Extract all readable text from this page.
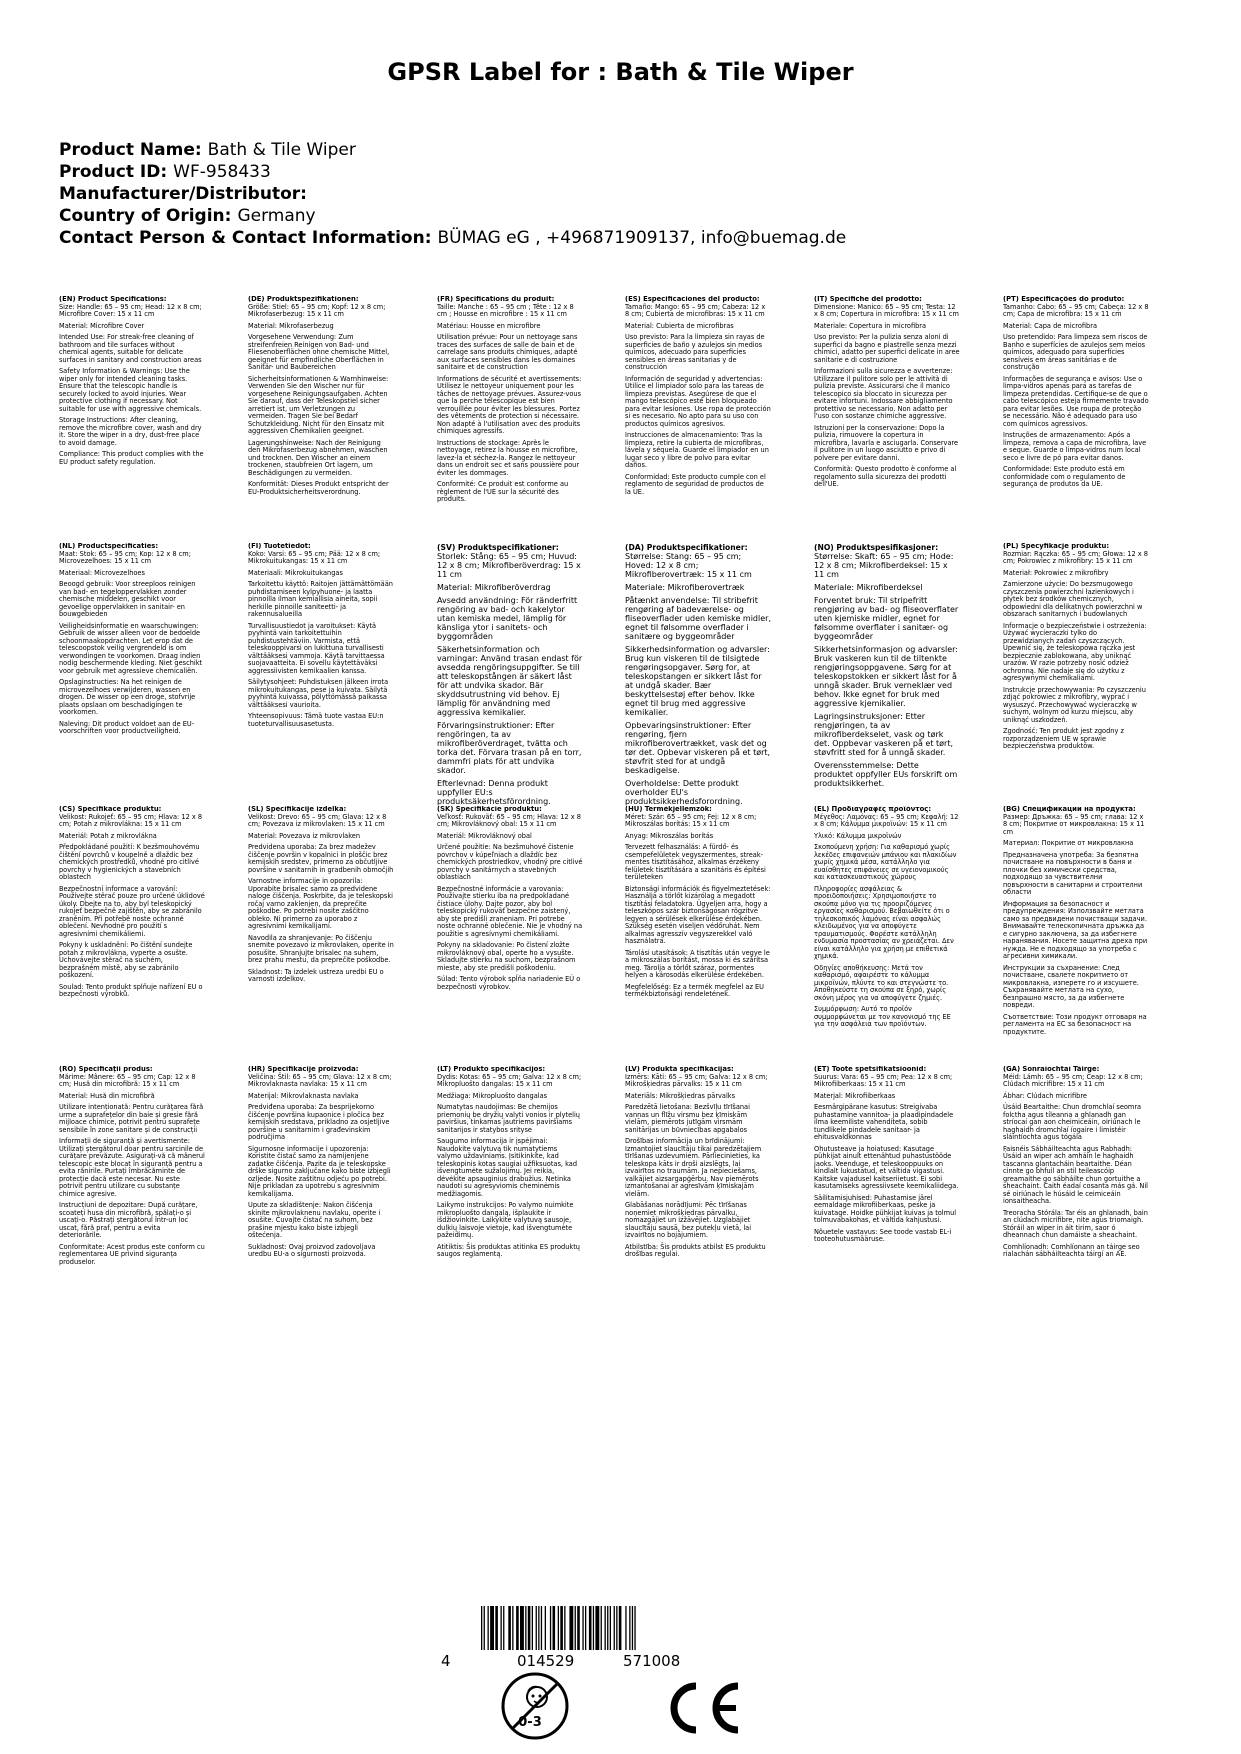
GPSR Label for : Bath & Tile Wiper
Product Name: Bath & Tile Wiper
Product ID: WF-958433
Manufacturer/Distributor:
Country of Origin: Germany
Contact Person & Contact Information: BÜMAG eG , +496871909137, info@buemag.de
(EN) Product Specifications:

Size: Handle: 65 – 95 cm; Head: 12 x 8 cm; Microfibre Cover: 15 x 11 cm

Material: Microfibre Cover

Intended Use: For streak-free cleaning of bathroom and tile surfaces without chemical agents, suitable for delicate surfaces in sanitary and construction areas

Safety Information & Warnings: Use the wiper only for intended cleaning tasks. Ensure that the telescopic handle is securely locked to avoid injuries. Wear protective clothing if necessary. Not suitable for use with aggressive chemicals.

Storage Instructions: After cleaning, remove the microfibre cover, wash and dry it. Store the wiper in a dry, dust-free place to avoid damage.

Compliance: This product complies with the EU product safety regulation.

(DE) Produktspezifikationen:

Größe: Stiel: 65 – 95 cm; Kopf: 12 x 8 cm; Mikrofaserbezug: 15 x 11 cm

Material: Mikrofaserbezug

Vorgesehene Verwendung: Zum streifenfreien Reinigen von Bad- und Fliesenoberflächen ohne chemische Mittel, geeignet für empfindliche Oberflächen in Sanitär- und Baubereichen

Sicherheitsinformationen & Warnhinweise: Verwenden Sie den Wischer nur für vorgesehene Reinigungsaufgaben. Achten Sie darauf, dass der Teleskopstiel sicher arretiert ist, um Verletzungen zu vermeiden. Tragen Sie bei Bedarf Schutzkleidung. Nicht für den Einsatz mit aggressiven Chemikalien geeignet.

Lagerungshinweise: Nach der Reinigung den Mikrofaserbezug abnehmen, waschen und trocknen. Den Wischer an einem trockenen, staubfreien Ort lagern, um Beschädigungen zu vermeiden.

Konformität: Dieses Produkt entspricht der EU-Produktsicherheitsverordnung.

(FR) Spécifications du produit:

Taille: Manche : 65 – 95 cm ; Tête : 12 x 8 cm ; Housse en microfibre : 15 x 11 cm

Matériau: Housse en microfibre

Utilisation prévue: Pour un nettoyage sans traces des surfaces de salle de bain et de carrelage sans produits chimiques, adapté aux surfaces sensibles dans les domaines sanitaire et de construction

Informations de sécurité et avertissements: Utilisez le nettoyeur uniquement pour les tâches de nettoyage prévues. Assurez-vous que la perche télescopique est bien verrouillée pour éviter les blessures. Portez des vêtements de protection si nécessaire. Non adapté à l'utilisation avec des produits chimiques agressifs.

Instructions de stockage: Après le nettoyage, retirez la housse en microfibre, lavez-la et séchez-la. Rangez le nettoyeur dans un endroit sec et sans poussière pour éviter les dommages.

Conformité: Ce produit est conforme au règlement de l'UE sur la sécurité des produits.

(ES) Especificaciones del producto:

Tamaño: Mango: 65 – 95 cm; Cabeza: 12 x 8 cm; Cubierta de microfibras: 15 x 11 cm

Material: Cubierta de microfibras

Uso previsto: Para la limpieza sin rayas de superficies de baño y azulejos sin medios químicos, adecuado para superficies sensibles en áreas sanitarias y de construcción

Información de seguridad y advertencias: Utilice el limpiador solo para las tareas de limpieza previstas. Asegúrese de que el mango telescópico esté bien bloqueado para evitar lesiones. Use ropa de protección si es necesario. No apto para su uso con productos químicos agresivos.

Instrucciones de almacenamiento: Tras la limpieza, retire la cubierta de microfibras, lávela y séquela. Guarde el limpiador en un lugar seco y libre de polvo para evitar daños.

Conformidad: Este producto cumple con el reglamento de seguridad de productos de la UE.

(IT) Specifiche del prodotto:

Dimensione: Manico: 65 – 95 cm; Testa: 12 x 8 cm; Copertura in microfibra: 15 x 11 cm

Materiale: Copertura in microfibra

Uso previsto: Per la pulizia senza aloni di superfici da bagno e piastrelle senza mezzi chimici, adatto per superfici delicate in aree sanitarie e di costruzione

Informazioni sulla sicurezza e avvertenze: Utilizzare il pulitore solo per le attività di pulizia previste. Assicurarsi che il manico telescopico sia bloccato in sicurezza per evitare infortuni. Indossare abbigliamento protettivo se necessario. Non adatto per l'uso con sostanze chimiche aggressive.

Istruzioni per la conservazione: Dopo la pulizia, rimuovere la copertura in microfibra, lavarla e asciugarla. Conservare il pulitore in un luogo asciutto e privo di polvere per evitare danni.

Conformità: Questo prodotto è conforme al regolamento sulla sicurezza dei prodotti dell'UE.

(PT) Especificações do produto:

Tamanho: Cabo: 65 – 95 cm; Cabeça: 12 x 8 cm; Capa de microfibra: 15 x 11 cm

Material: Capa de microfibra

Uso pretendido: Para limpeza sem riscos de Banho e superfícies de azulejos sem meios químicos, adequado para superfícies sensíveis em áreas sanitárias e de construção

Informações de segurança e avisos: Use o limpa-vidros apenas para as tarefas de limpeza pretendidas. Certifique-se de que o cabo telescópico esteja firmemente travado para evitar lesões. Use roupa de proteção se necessário. Não é adequado para uso com químicos agressivos.

Instruções de armazenamento: Após a limpeza, remova a capa de microfibra, lave e seque. Guarde o limpa-vidros num local seco e livre de pó para evitar danos.

Conformidade: Este produto está em conformidade com o regulamento de segurança de produtos da UE.

(NL) Productspecificaties:

Maat: Stok: 65 – 95 cm; Kop: 12 x 8 cm; Microvezelhoes: 15 x 11 cm

Materiaal: Microvezelhoes

Beoogd gebruik: Voor streeploos reinigen van bad- en tegeloppervlakken zonder chemische middelen, geschikt voor gevoelige oppervlakken in sanitair- en bouwgebieden

Veiligheidsinformatie en waarschuwingen: Gebruik de wisser alleen voor de bedoelde schoonmaakopdrachten. Let erop dat de telescoopstok veilig vergrendeld is om verwondingen te voorkomen. Draag indien nodig beschermende kleding. Niet geschikt voor gebruik met agressieve chemicaliën.

Opslaginstructies: Na het reinigen de microvezelhoes verwijderen, wassen en drogen. De wisser op een droge, stofvrije plaats opslaan om beschadigingen te voorkomen.

Naleving: Dit product voldoet aan de EU-voorschriften voor productveiligheid.

(FI) Tuotetiedot:

Koko: Varsi: 65 – 95 cm; Pää: 12 x 8 cm; Mikrokuitukangas: 15 x 11 cm

Materiaali: Mikrokuitukangas

Tarkoitettu käyttö: Raitojen jättämättömään puhdistamiseen kylpyhuone- ja laatta pinnoilla ilman kemiallisia aineita, sopii herkille pinnoille saniteetti- ja rakennusalueilla

Turvallisuustiedot ja varoitukset: Käytä pyyhintä vain tarkoitettuihin puhdistustehtäviin. Varmista, että teleskooppivarsi on lukittuna turvallisesti välttääksesi vammoja. Käytä tarvittaessa suojavaatteita. Ei sovellu käytettäväksi aggressiivisten kemikaalien kanssa.

Säilytysohjeet: Puhdistuksen jälkeen irrota mikrokuitukangas, pese ja kuivata. Säilytä pyyhintä kuivassa, pölyttömässä paikassa välttääksesi vaurioita.

Yhteensopivuus: Tämä tuote vastaa EU:n tuoteturvallisuusasetusta.

(SV) Produktspecifikationer:

Storlek: Stång: 65 – 95 cm; Huvud: 12 x 8 cm; Mikrofiberöverdrag: 15 x 11 cm

Material: Mikrofiberöverdrag

Avsedd användning: För ränderfritt rengöring av bad- och kakelytor utan kemiska medel, lämplig för känsliga ytor i sanitets- och byggområden

Säkerhetsinformation och varningar: Använd trasan endast för avsedda rengöringsuppgifter. Se till att teleskopstången är säkert låst för att undvika skador. Bär skyddsutrustning vid behov. Ej lämplig för användning med aggressiva kemikalier.

Förvaringsinstruktioner: Efter rengöringen, ta av mikrofiberöverdraget, tvätta och torka det. Förvara trasan på en torr, dammfri plats för att undvika skador.

Efterlevnad: Denna produkt uppfyller EU:s produktsäkerhetsförordning.

(DA) Produktspecifikationer:

Størrelse: Stang: 65 – 95 cm; Hoved: 12 x 8 cm; Mikrofiberovertræk: 15 x 11 cm

Materiale: Mikrofiberovertræk

Påtænkt anvendelse: Til stribefrit rengøring af badeværelse- og fliseoverflader uden kemiske midler, egnet til følsomme overflader i sanitære og byggeområder

Sikkerhedsinformation og advarsler: Brug kun viskeren til de tilsigtede rengøringsopgaver. Sørg for, at teleskopstangen er sikkert låst for at undgå skader. Bær beskyttelsestøj efter behov. Ikke egnet til brug med aggressive kemikalier.

Opbevaringsinstruktioner: Efter rengøring, fjern mikrofiberovertrækket, vask det og tør det. Opbevar viskeren på et tørt, støvfrit sted for at undgå beskadigelse.

Overholdelse: Dette produkt overholder EU's produktsikkerhedsforordning.

(NO) Produktspesifikasjoner:

Størrelse: Skaft: 65 – 95 cm; Hode: 12 x 8 cm; Mikrofiberdeksel: 15 x 11 cm

Materiale: Mikrofiberdeksel

Forventet bruk: Til stripefritt rengjøring av bad- og fliseoverflater uten kjemiske midler, egnet for følsomme overflater i sanitær- og byggeområder

Sikkerhetsinformasjon og advarsler: Bruk vaskeren kun til de tiltenkte rengjøringsoppgavene. Sørg for at teleskopstokken er sikkert låst for å unngå skader. Bruk verneklær ved behov. Ikke egnet for bruk med aggressive kjemikalier.

Lagringsinstruksjoner: Etter rengjøringen, ta av mikrofiberdekselet, vask og tørk det. Oppbevar vaskeren på et tørt, støvfritt sted for å unngå skader.

Overensstemmelse: Dette produktet oppfyller EUs forskrift om produktsikkerhet.

(PL) Specyfikacje produktu:

Rozmiar: Rączka: 65 – 95 cm; Głowa: 12 x 8 cm; Pokrowiec z mikrofibry: 15 x 11 cm

Materiał: Pokrowiec z mikrofibry

Zamierzone użycie: Do bezsmugowego czyszczenia powierzchni łazienkowych i płytek bez środków chemicznych, odpowiedni dla delikatnych powierzchni w obszarach sanitarnych i budowlanych

Informacje o bezpieczeństwie i ostrzeżenia: Używać wycieraczki tylko do przewidzianych zadań czyszczących. Upewnić się, że teleskopowa rączka jest bezpiecznie zablokowana, aby uniknąć urazów. W razie potrzeby nosić odzież ochronną. Nie nadaje się do użytku z agresywnymi chemikaliami.

Instrukcje przechowywania: Po czyszczeniu zdjąć pokrowiec z mikrofibry, wyprać i wysuszyć. Przechowywać wycieraczkę w suchym, wolnym od kurzu miejscu, aby uniknąć uszkodzeń.

Zgodność: Ten produkt jest zgodny z rozporządzeniem UE w sprawie bezpieczeństwa produktów.

(CS) Specifikace produktu:

Velikost: Rukojeť: 65 – 95 cm; Hlava: 12 x 8 cm; Potah z mikrovlákna: 15 x 11 cm

Materiál: Potah z mikrovlákna

Předpokládané použití: K bezšmouhovému čištění povrchů v koupelně a dlaždic bez chemických prostředků, vhodné pro citlivé povrchy v hygienických a stavebních oblastech

Bezpečnostní informace a varování: Používejte stěrač pouze pro určené úklidové úkoly. Dbejte na to, aby byl teleskopický rukojeť bezpečně zajištěn, aby se zabránilo zraněním. Při potřebě noste ochranné oblečení. Nevhodné pro použití s agresivními chemikáliemi.

Pokyny k uskladnění: Po čištění sundejte potah z mikrovlákna, vyperte a osušte. Uchovávejte stěrač na suchém, bezprašném místě, aby se zabránilo poškození.

Soulad: Tento produkt splňuje nařízení EU o bezpečnosti výrobků.

(SL) Specifikacije izdelka:

Velikost: Drevo: 65 – 95 cm; Glava: 12 x 8 cm; Povezava iz mikrovlaken: 15 x 11 cm

Material: Povezava iz mikrovlaken

Predvidena uporaba: Za brez madežev čiščenje površin v kopalnici in ploščic brez kemijskih sredstev, primerno za občutljive površine v sanitarnih in gradbenih območjih

Varnostne informacije in opozorila: Uporabite brisalec samo za predvidene naloge čiščenja. Poskrbite, da je teleskopski ročaj varno zaklenjen, da preprečite poškodbe. Po potrebi nosite zaščitno obleko. Ni primerno za uporabo z agresivnimi kemikalijami.

Navodila za shranjevanje: Po čiščenju snemite povezavo iz mikrovlaken, operite in posušite. Shranjujte brisalec na suhem, brez prahu mestu, da preprečite poškodbe.

Skladnost: Ta izdelek ustreza uredbi EU o varnosti izdelkov.

(SK) Špecifikácie produktu:

Veľkosť: Rukoväť: 65 – 95 cm; Hlava: 12 x 8 cm; Mikrovláknový obal: 15 x 11 cm

Materiál: Mikrovláknový obal

Určené použitie: Na bezšmuhové čistenie povrchov v kúpeľniach a dlaždíc bez chemických prostriedkov, vhodný pre citlivé povrchy v sanitárnych a stavebných oblastiach

Bezpečnostné informácie a varovania: Používajte stierku iba na predpokladané čistiace úlohy. Dajte pozor, aby bol teleskopický rukoväť bezpečne zaistený, aby ste predišli zraneniam. Pri potrebe noste ochranné oblečenie. Nie je vhodný na použitie s agresívnymi chemikáliami.

Pokyny na skladovanie: Po čistení zložte mikrovláknový obal, operte ho a vysušte. Skladujte stierku na suchom, bezprašnom mieste, aby ste predišli poškodeniu.

Súlad: Tento výrobok spĺňa nariadenie EÚ o bezpečnosti výrobkov.

(HU) Termékjellemzők:

Méret: Szár: 65 – 95 cm; Fej: 12 x 8 cm; Mikroszálas borítás: 15 x 11 cm

Anyag: Mikroszálas borítás

Tervezett felhasználás: A fürdő- és csempefelületek vegyszermentes, streak-mentes tisztításához, alkalmas érzékeny felületek tisztítására a szanitáris és építési területeken

Biztonsági információk és figyelmeztetések: Használja a törlőt kizárólag a megadott tisztítási feladatokra. Ügyeljen arra, hogy a teleszkópos szár biztonságosan rögzítve legyen a sérülések elkerülése érdekében. Szükség esetén viseljen védőruhát. Nem alkalmas agresszív vegyszerekkel való használatra.

Tárolási utasítások: A tisztítás után vegye le a mikroszálas borítást, mossa ki és szárítsa meg. Tárolja a törlőt száraz, pormentes helyen a károsodás elkerülése érdekében.

Megfelelőség: Ez a termék megfelel az EU termékbiztonsági rendeletének.

(EL) Προδιαγραφές προϊόντος:

Μέγεθος: Λαμόνας: 65 – 95 cm; Κεφαλή: 12 x 8 cm; Κάλυμμα μικροϊνών: 15 x 11 cm

Υλικό: Κάλυμμα μικροϊνών

Σκοπούμενη χρήση: Για καθαρισμό χωρίς λεκέδες επιφανειών μπάνιου και πλακιδίων χωρίς χημικά μέσα, κατάλληλο για ευαίσθητες επιφάνειες σε υγειονομικούς και κατασκευαστικούς χώρους

Πληροφορίες ασφάλειας & προειδοποιήσεις: Χρησιμοποιήστε το σκούπα μόνο για τις προοριζόμενες εργασίες καθαρισμού. Βεβαιωθείτε ότι ο τηλεσκοπικός λαμόνας είναι ασφαλώς κλειδωμένος για να αποφύγετε τραυματισμούς. Φορέστε κατάλληλη ενδυμασία προστασίας αν χρειάζεται. Δεν είναι κατάλληλο για χρήση με επιθετικά χημικά.

Οδηγίες αποθήκευσης: Μετά τον καθαρισμό, αφαιρέστε το κάλυμμα μικροϊνών, πλύντε το και στεγνώστε το. Αποθηκεύστε τη σκούπα σε ξηρό, χωρίς σκόνη μέρος για να αποφύγετε ζημιές.

Συμμόρφωση: Αυτό το προϊόν συμμορφώνεται με τον κανονισμό της ΕΕ για την ασφάλεια των προϊόντων.

(BG) Спецификации на продукта:

Размер: Дръжка: 65 – 95 cm; глава: 12 x 8 cm; Покритие от микровлакна: 15 x 11 cm

Материал: Покритие от микровлакна

Предназначена употреба: За безпятна почистване на повърхности в баня и плочки без химически средства, подходящо за чувствителни повърхности в санитарни и строителни области

Информация за безопасност и предупреждения: Използвайте метлата само за предвидени почистващи задачи. Внимавайте телескопичната дръжка да е сигурно заключена, за да избегнете наранявания. Носете защитна дреха при нужда. Не е подходящо за употреба с агресивни химикали.

Инструкции за съхранение: След почистване, свалете покритието от микровлакна, изперете го и изсушете. Съхранявайте метлата на сухо, безпрашно място, за да избегнете повреди.

Съответствие: Този продукт отговаря на регламента на ЕС за безопасност на продуктите.

(RO) Specificații produs:

Mărime: Mânere: 65 – 95 cm; Cap: 12 x 8 cm; Husă din microfibră: 15 x 11 cm

Material: Husă din microfibră

Utilizare intenționată: Pentru curățarea fără urme a suprafețelor din baie și gresie fără mijloace chimice, potrivit pentru suprafețe sensibile în zone sanitare și de construcții

Informații de siguranță și avertismente: Utilizați ștergătorul doar pentru sarcinile de curățare prevăzute. Asigurați-vă că mânerul telescopic este blocat în siguranță pentru a evita rănirile. Purtați îmbrăcăminte de protecție dacă este necesar. Nu este potrivit pentru utilizare cu substanțe chimice agresive.

Instrucțiuni de depozitare: După curățare, scoateți husa din microfibră, spălați-o și uscați-o. Păstrați ștergătorul într-un loc uscat, fără praf, pentru a evita deteriorările.

Conformitate: Acest produs este conform cu reglementarea UE privind siguranța produselor.

(HR) Specifikacije proizvoda:

Veličina: Štil: 65 – 95 cm; Glava: 12 x 8 cm; Mikrovlaknasta navlaka: 15 x 11 cm

Materijal: Mikrovlaknasta navlaka

Predviđena uporaba: Za besprijekorno čišćenje površina kupaonice i pločica bez kemijskih sredstava, prikladno za osjetljive površine u sanitarnim i građevinskim područjima

Sigurnosne informacije i upozorenja: Koristite čistač samo za namijenjene zadatke čišćenja. Pazite da je teleskopske drške sigurno zaključane kako biste izbjegli ozljede. Nosite zaštitnu odjeću po potrebi. Nije prikladan za upotrebu s agresivnim kemikalijama.

Upute za skladištenje: Nakon čišćenja skinite mikrovlaknenu navlaku, operite i osušite. Čuvajte čistač na suhom, bez prašine mjestu kako biste izbjegli oštećenja.

Sukladnost: Ovaj proizvod zadovoljava uredbu EU-a o sigurnosti proizvoda.

(LT) Produkto specifikacijos:

Dydis: Kotas: 65 – 95 cm; Galva: 12 x 8 cm; Mikropluošto dangalas: 15 x 11 cm

Medžiaga: Mikropluošto dangalas

Numatytas naudojimas: Be chemijos priemonių be dryžių valyti vonios ir plytelių paviršius, tinkamas jautriems paviršiams sanitarijos ir statybos srityse

Saugumo informacija ir įspėjimai: Naudokite valytuvą tik numatytiems valymo uždaviniams. Įsitikinkite, kad teleskopinis kotas saugiai užfiksuotas, kad išvengtumėte sužalojimų. Jei reikia, dėvėkite apsauginius drabužius. Netinka naudoti su agresyviomis cheminėmis medžiagomis.

Laikymo instrukcijos: Po valymo nuimkite mikropluošto dangalą, išplaukite ir išdžiovinkite. Laikykite valytuvą sausoje, dulkių laisvoje vietoje, kad išvengtumėte pažeidimų.

Atitiktis: Šis produktas atitinka ES produktų saugos reglamentą.

(LV) Produkta specifikācijas:

Izmērs: Kāti: 65 – 95 cm; Galva: 12 x 8 cm; Mikrošķiedras pārvalks: 15 x 11 cm

Materiāls: Mikrošķiedras pārvalks

Paredzētā lietošana: Bezšvīļu tīrīšanai vannas un flīžu virsmu bez ķīmiskām vielām, piemērots jutīgām virsmām sanitārijas un būvniecības apgabalos

Drošības informācija un brīdinājumi: Izmantojiet slaucītāju tikai paredzētajiem tīrīšanas uzdevumiem. Pārliecinieties, ka teleskopa kāts ir droši aizslēgts, lai izvairītos no traumām. Ja nepieciešams, valkājiet aizsargapģērbu. Nav piemērots izmantošanai ar agresīvām ķīmiskajām vielām.

Glabāšanas norādījumi: Pēc tīrīšanas noņemiet mikrošķiedras pārvalku, nomazgājiet un izžāvējiet. Uzglabājiet slaucītāju sausā, bez putekļu vietā, lai izvairītos no bojājumiem.

Atbilstība: Šis produkts atbilst ES produktu drošības regulai.

(ET) Toote spetsifikatsioonid:

Suurus: Vara: 65 – 95 cm; Pea: 12 x 8 cm; Mikrofiiberkaas: 15 x 11 cm

Materjal: Mikrofiiberkaas

Eesmärgipärane kasutus: Streigivaba puhastamine vannitoa- ja plaadipindadele ilma keemiliste vahenditeta, sobib tundlikele pindadele sanitaar- ja ehitusvaldkonnas

Ohutusteave ja hoiatused: Kasutage pühkijat ainult ettenähtud puhastustööde jaoks. Veenduge, et teleskooppuuks on kindlalt lukustatud, et vältida vigastusi. Kaitske vajadusel kaitseriietust. Ei sobi kasutamiseks agressiivsete keemikaliidega.

Säilitamisjuhised: Puhastamise järel eemaldage mikrofiiberkaas, peske ja kuivatage. Hoidke pühkijat kuivas ja tolmul tolmuvabakohas, et vältida kahjustusi.

Nõuetele vastavus: See toode vastab EL-i tooteohutusmääruse.

(GA) Sonraíochtaí Táirge:

Méid: Lámh: 65 – 95 cm; Ceap: 12 x 8 cm; Clúdach micrifibre: 15 x 11 cm

Ábhar: Clúdach micrifibre

Úsáid Beartaithe: Chun dromchlaí seomra folctha agus tíleanna a ghlanadh gan stríocaí gan aon cheimiceáin, oiriúnach le haghaidh dromchlaí íogaire i limistéir sláintíochta agus tógála

Faisnéis Sábháilteachta agus Rabhadh: Úsáid an wiper ach amháin le haghaidh tascanna glantacháin beartaithe. Déan cinnte go bhfuil an stil teileascóip greamaithe go sábháilte chun gortuithe a sheachaint. Caith éadaí cosanta más gá. Níl sé oiriúnach le húsáid le ceimiceáin ionsaitheacha.

Treoracha Stórála: Tar éis an ghlanadh, bain an clúdach micrifibre, nite agus triomaigh. Stóráil an wiper in áit tirim, saor ó dheannach chun damáiste a sheachaint.

Comhlíonadh: Comhlíonann an táirge seo rialachán sábháilteachta táirgí an AE.

4	014529	571008
0-3
CE
